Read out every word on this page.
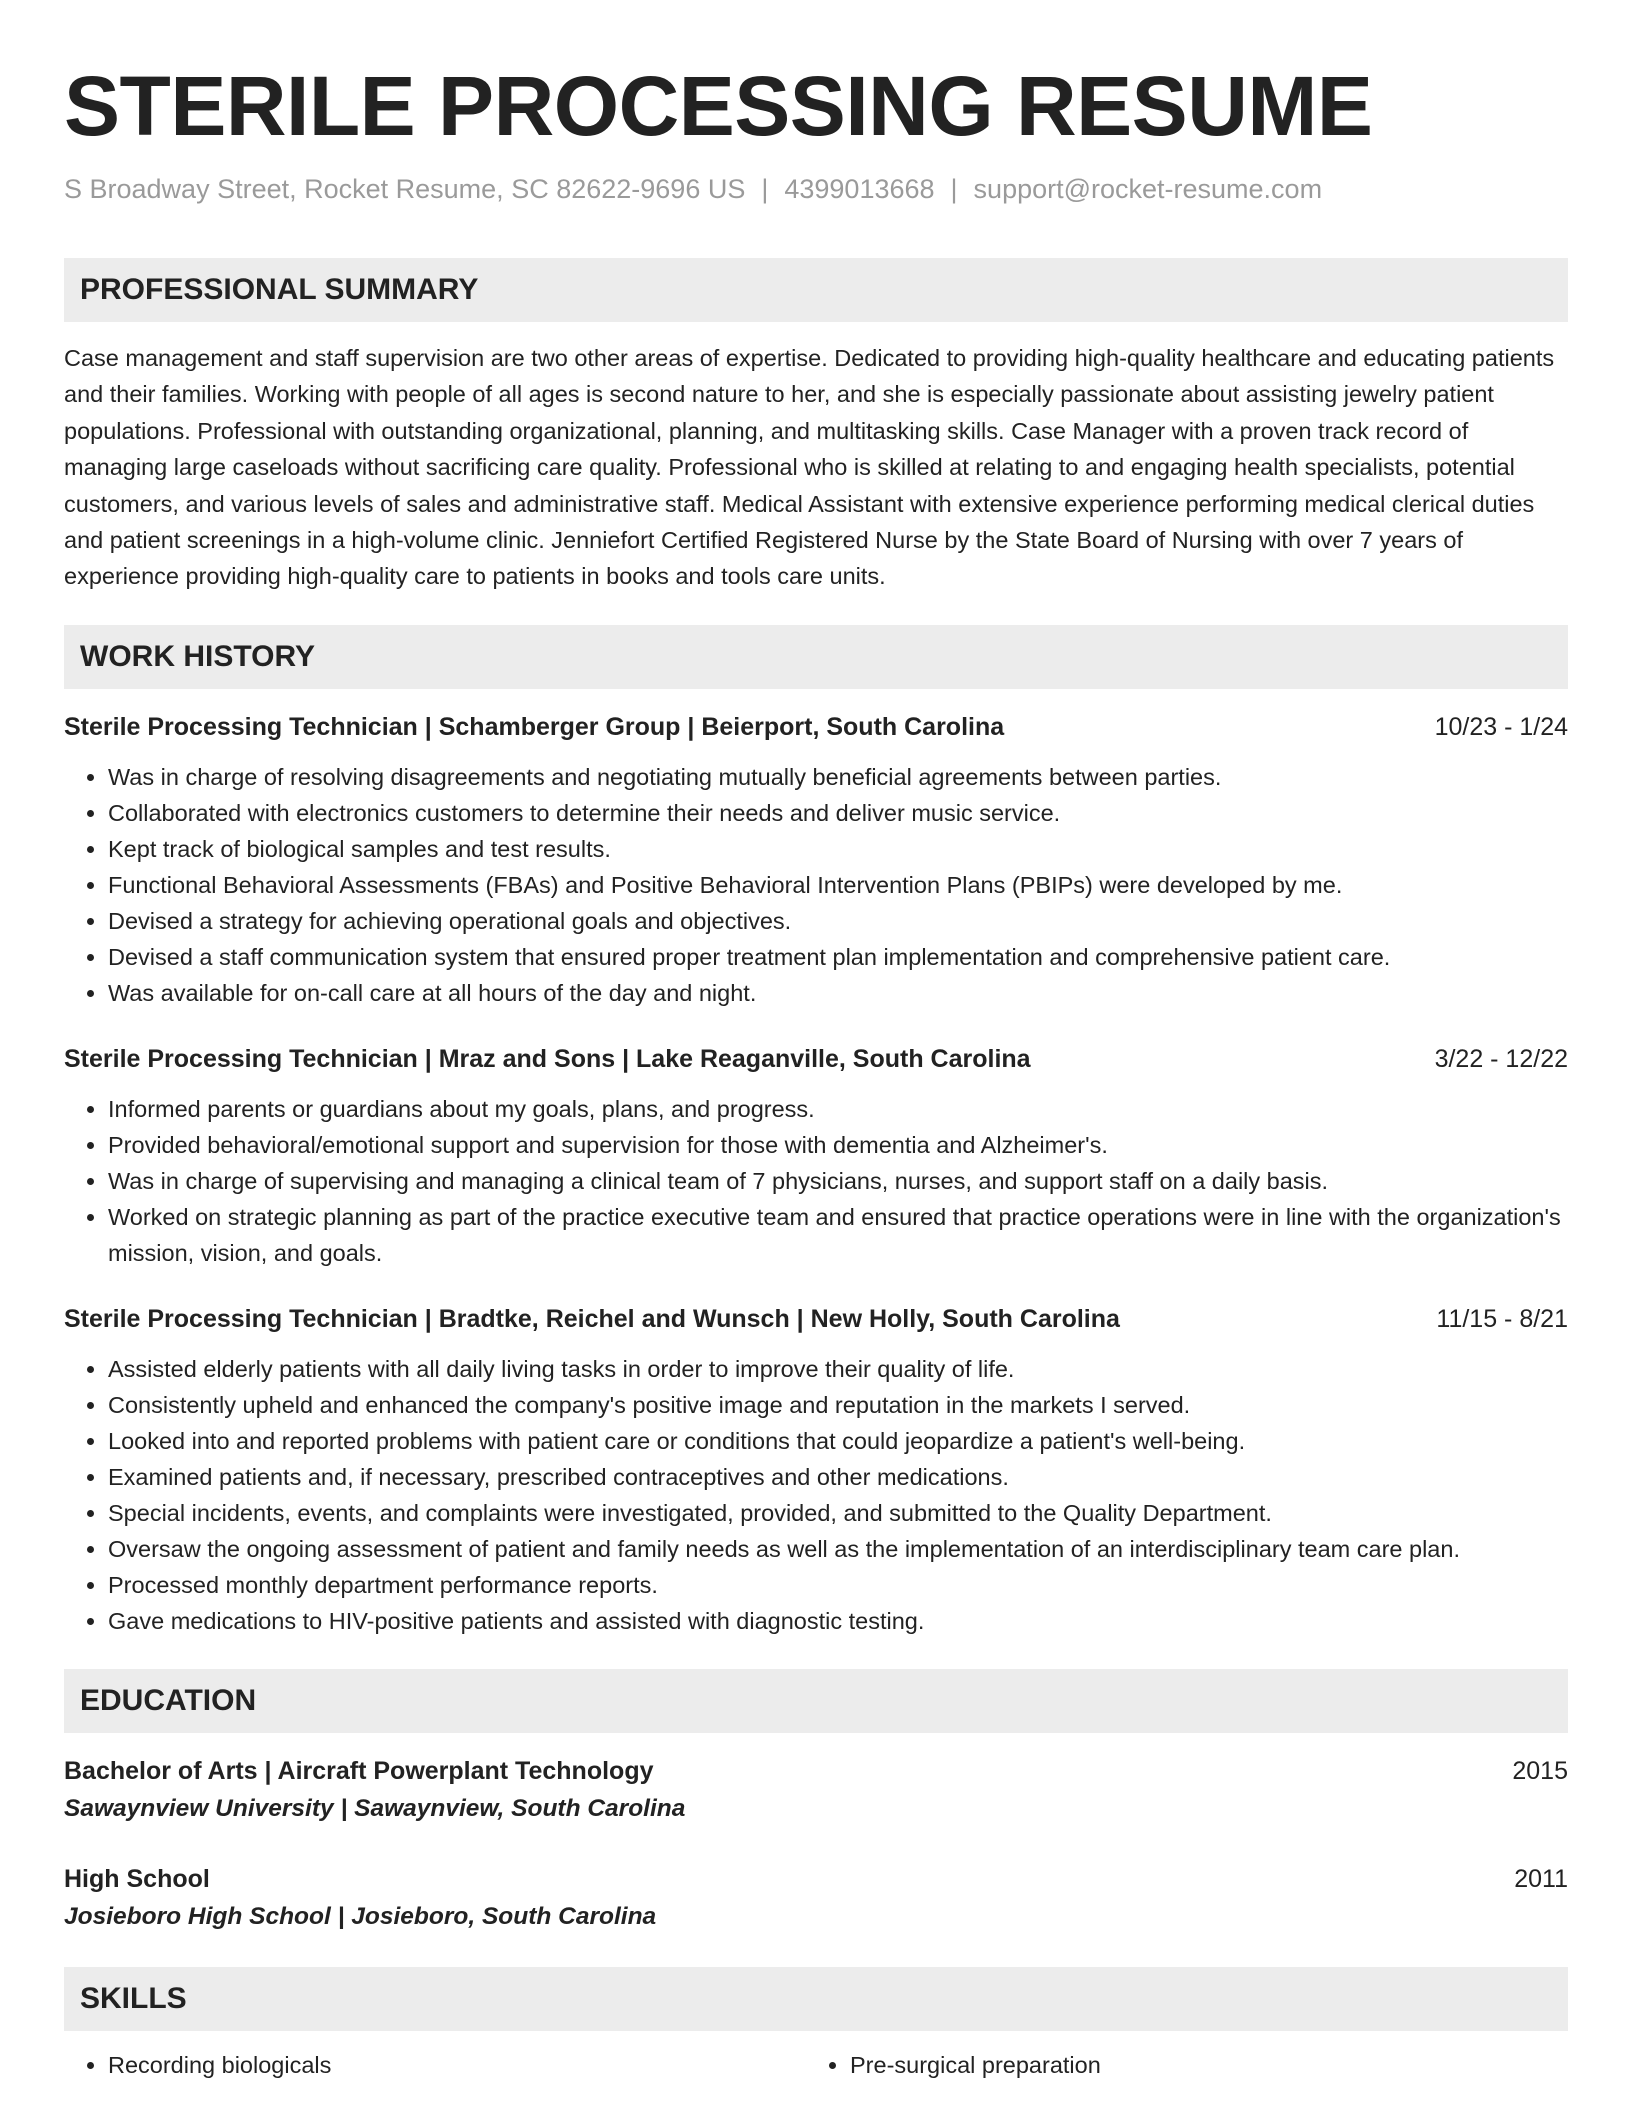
STERILE PROCESSING RESUME
S Broadway Street, Rocket Resume, SC 82622-9696 US | 4399013668 | support@rocket-resume.com
PROFESSIONAL SUMMARY
Case management and staff supervision are two other areas of expertise. Dedicated to providing high-quality healthcare and educating patients and their families. Working with people of all ages is second nature to her, and she is especially passionate about assisting jewelry patient populations. Professional with outstanding organizational, planning, and multitasking skills. Case Manager with a proven track record of managing large caseloads without sacrificing care quality. Professional who is skilled at relating to and engaging health specialists, potential customers, and various levels of sales and administrative staff. Medical Assistant with extensive experience performing medical clerical duties and patient screenings in a high-volume clinic. Jenniefort Certified Registered Nurse by the State Board of Nursing with over 7 years of experience providing high-quality care to patients in books and tools care units.
WORK HISTORY
Sterile Processing Technician | Schamberger Group | Beierport, South Carolina	10/23 - 1/24
• Was in charge of resolving disagreements and negotiating mutually beneficial agreements between parties.
• Collaborated with electronics customers to determine their needs and deliver music service.
• Kept track of biological samples and test results.
• Functional Behavioral Assessments (FBAs) and Positive Behavioral Intervention Plans (PBIPs) were developed by me.
• Devised a strategy for achieving operational goals and objectives.
• Devised a staff communication system that ensured proper treatment plan implementation and comprehensive patient care.
• Was available for on-call care at all hours of the day and night.
Sterile Processing Technician | Mraz and Sons | Lake Reaganville, South Carolina	3/22 - 12/22
• Informed parents or guardians about my goals, plans, and progress.
• Provided behavioral/emotional support and supervision for those with dementia and Alzheimer's.
• Was in charge of supervising and managing a clinical team of 7 physicians, nurses, and support staff on a daily basis.
• Worked on strategic planning as part of the practice executive team and ensured that practice operations were in line with the organization's mission, vision, and goals.
Sterile Processing Technician | Bradtke, Reichel and Wunsch | New Holly, South Carolina	11/15 - 8/21
• Assisted elderly patients with all daily living tasks in order to improve their quality of life.
• Consistently upheld and enhanced the company's positive image and reputation in the markets I served.
• Looked into and reported problems with patient care or conditions that could jeopardize a patient's well-being.
• Examined patients and, if necessary, prescribed contraceptives and other medications.
• Special incidents, events, and complaints were investigated, provided, and submitted to the Quality Department.
• Oversaw the ongoing assessment of patient and family needs as well as the implementation of an interdisciplinary team care plan.
• Processed monthly department performance reports.
• Gave medications to HIV-positive patients and assisted with diagnostic testing.
EDUCATION
Bachelor of Arts | Aircraft Powerplant Technology	2015
Sawaynview University | Sawaynview, South Carolina
High School	2011
Josieboro High School | Josieboro, South Carolina
SKILLS
• Recording biologicals
•	Pre-surgical preparation
